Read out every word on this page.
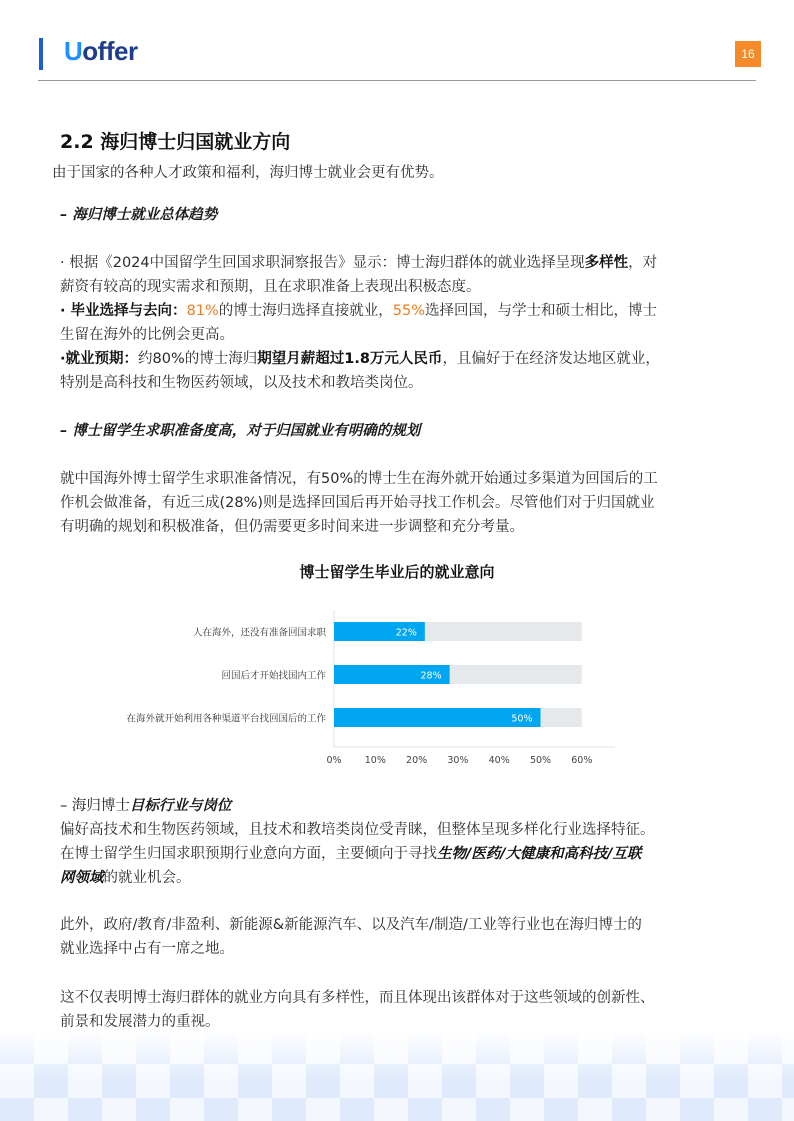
Uoffer	16
2.2 海归博士归国就业方向
由于国家的各种人才政策和福利，海归博士就业会更有优势。
– 海归博士就业总体趋势
· 根据《2024中国留学生回国求职洞察报告》显示：博士海归群体的就业选择呈现多样性，对
薪资有较高的现实需求和预期，且在求职准备上表现出积极态度。
· 毕业选择与去向：81%的博士海归选择直接就业，55%选择回国，与学士和硕士相比，博士
生留在海外的比例会更高。
·就业预期：约80%的博士海归期望月薪超过1.8万元人民币，且偏好于在经济发达地区就业，
特别是高科技和生物医药领域，以及技术和教培类岗位。
– 博士留学生求职准备度高，对于归国就业有明确的规划
就中国海外博士留学生求职准备情况，有50%的博士生在海外就开始通过多渠道为回国后的工
作机会做准备，有近三成(28%)则是选择回国后再开始寻找工作机会。尽管他们对于归国就业
有明确的规划和积极准备，但仍需要更多时间来进一步调整和充分考量。
博士留学生毕业后的就业意向
人在海外，还没有准备回国求职	22%
回国后才开始找国内工作	28%
在海外就开始利用各种渠道平台找回国后的工作	50%
0% 10% 20% 30% 40% 50% 60%
– 海归博士目标行业与岗位
偏好高技术和生物医药领域，且技术和教培类岗位受青睐，但整体呈现多样化行业选择特征。
在博士留学生归国求职预期行业意向方面，主要倾向于寻找生物/医药/大健康和高科技/互联
网领域的就业机会。
此外，政府/教育/非盈利、新能源&新能源汽车、以及汽车/制造/工业等行业也在海归博士的
就业选择中占有一席之地。
这不仅表明博士海归群体的就业方向具有多样性，而且体现出该群体对于这些领域的创新性、
前景和发展潜力的重视。
